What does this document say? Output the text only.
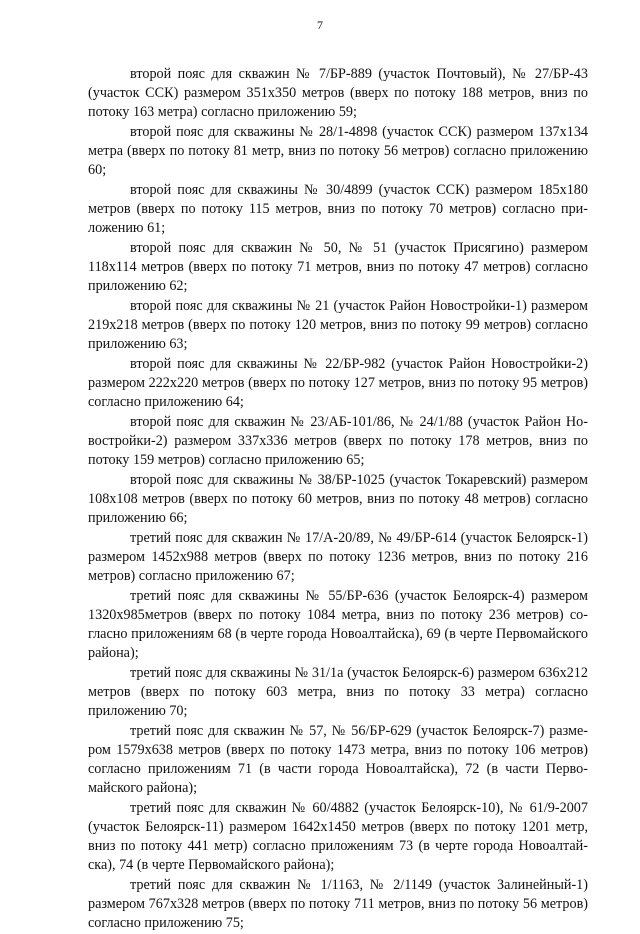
7

второй пояс для скважин № 7/БР-889 (участок Почтовый), № 27/БР-43 (участок ССК) размером 351x350 метров (вверх по потоку 188 метров, вниз по потоку 163 метра) согласно приложению 59;

второй пояс для скважины № 28/1-4898 (участок ССК) размером 137x134 метра (вверх по потоку 81 метр, вниз по потоку 56 метров) согласно приложению 60;

второй пояс для скважины № 30/4899 (участок ССК) размером 185x180 метров (вверх по потоку 115 метров, вниз по потоку 70 метров) согласно приложению 61;

второй пояс для скважин № 50, № 51 (участок Присягино) размером 118x114 метров (вверх по потоку 71 метров, вниз по потоку 47 метров) согласно приложению 62;

второй пояс для скважины № 21 (участок Район Новостройки-1) размером 219x218 метров (вверх по потоку 120 метров, вниз по потоку 99 метров) согласно приложению 63;

второй пояс для скважины № 22/БР-982 (участок Район Новостройки-2) размером 222x220 метров (вверх по потоку 127 метров, вниз по потоку 95 метров) согласно приложению 64;

второй пояс для скважин № 23/АБ-101/86, № 24/1/88 (участок Район Новостройки-2) размером 337x336 метров (вверх по потоку 178 метров, вниз по потоку 159 метров) согласно приложению 65;

второй пояс для скважины № 38/БР-1025 (участок Токаревский) размером 108x108 метров (вверх по потоку 60 метров, вниз по потоку 48 метров) согласно приложению 66;

третий пояс для скважин № 17/А-20/89, № 49/БР-614 (участок Белоярск-1) размером 1452x988 метров (вверх по потоку 1236 метров, вниз по потоку 216 метров) согласно приложению 67;

третий пояс для скважины № 55/БР-636 (участок Белоярск-4) размером 1320x985метров (вверх по потоку 1084 метра, вниз по потоку 236 метров) согласно приложениям 68 (в черте города Новоалтайска), 69 (в черте Первомайского района);

третий пояс для скважины № 31/1а (участок Белоярск-6) размером 636x212 метров (вверх по потоку 603 метра, вниз по потоку 33 метра) согласно приложению 70;

третий пояс для скважин № 57, № 56/БР-629 (участок Белоярск-7) размером 1579x638 метров (вверх по потоку 1473 метра, вниз по потоку 106 метров) согласно приложениям 71 (в части города Новоалтайска), 72 (в части Первомайского района);

третий пояс для скважин № 60/4882 (участок Белоярск-10), № 61/9-2007 (участок Белоярск-11) размером 1642x1450 метров (вверх по потоку 1201 метр, вниз по потоку 441 метр) согласно приложениям 73 (в черте города Новоалтайска), 74 (в черте Первомайского района);

третий пояс для скважин № 1/1163, № 2/1149 (участок Залинейный-1) размером 767x328 метров (вверх по потоку 711 метров, вниз по потоку 56 метров) согласно приложению 75;
